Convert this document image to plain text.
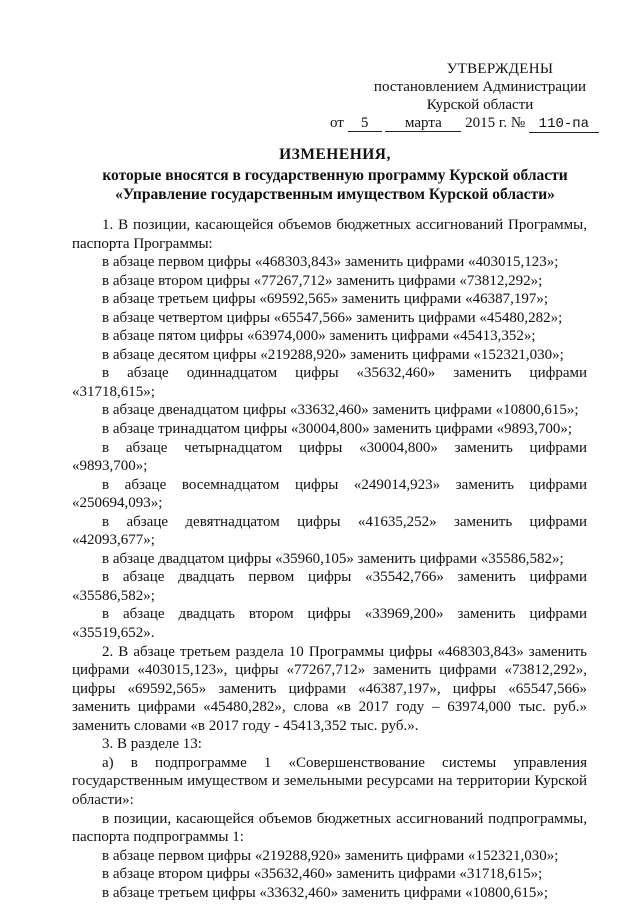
УТВЕРЖДЕНЫ
постановлением Администрации
Курской области
от 5 марта 2015 г. № 110-па
ИЗМЕНЕНИЯ,
которые вносятся в государственную программу Курской области
«Управление государственным имуществом Курской области»

1. В позиции, касающейся объемов бюджетных ассигнований Программы, паспорта Программы:

в абзаце первом цифры «468303,843» заменить цифрами «403015,123»;

в абзаце втором цифры «77267,712» заменить цифрами «73812,292»;

в абзаце третьем цифры «69592,565» заменить цифрами «46387,197»;

в абзаце четвертом цифры «65547,566» заменить цифрами «45480,282»;

в абзаце пятом цифры «63974,000» заменить цифрами «45413,352»;

в абзаце десятом цифры «219288,920» заменить цифрами «152321,030»;

в абзаце одиннадцатом цифры «35632,460» заменить цифрами «31718,615»;

в абзаце двенадцатом цифры «33632,460» заменить цифрами «10800,615»;

в абзаце тринадцатом цифры «30004,800» заменить цифрами «9893,700»;

в абзаце четырнадцатом цифры «30004,800» заменить цифрами «9893,700»;

в абзаце восемнадцатом цифры «249014,923» заменить цифрами «250694,093»;

в абзаце девятнадцатом цифры «41635,252» заменить цифрами «42093,677»;

в абзаце двадцатом цифры «35960,105» заменить цифрами «35586,582»;

в абзаце двадцать первом цифры «35542,766» заменить цифрами «35586,582»;

в абзаце двадцать втором цифры «33969,200» заменить цифрами «35519,652».

2. В абзаце третьем раздела 10 Программы цифры «468303,843» заменить цифрами «403015,123», цифры «77267,712» заменить цифрами «73812,292», цифры «69592,565» заменить цифрами «46387,197», цифры «65547,566» заменить цифрами «45480,282», слова «в 2017 году – 63974,000 тыс. руб.» заменить словами «в 2017 году - 45413,352 тыс. руб.».

3. В разделе 13:

а) в подпрограмме 1 «Совершенствование системы управления государственным имуществом и земельными ресурсами на территории Курской области»:

в позиции, касающейся объемов бюджетных ассигнований подпрограммы, паспорта подпрограммы 1:

в абзаце первом цифры «219288,920» заменить цифрами «152321,030»;

в абзаце втором цифры «35632,460» заменить цифрами «31718,615»;

в абзаце третьем цифры «33632,460» заменить цифрами «10800,615»;
